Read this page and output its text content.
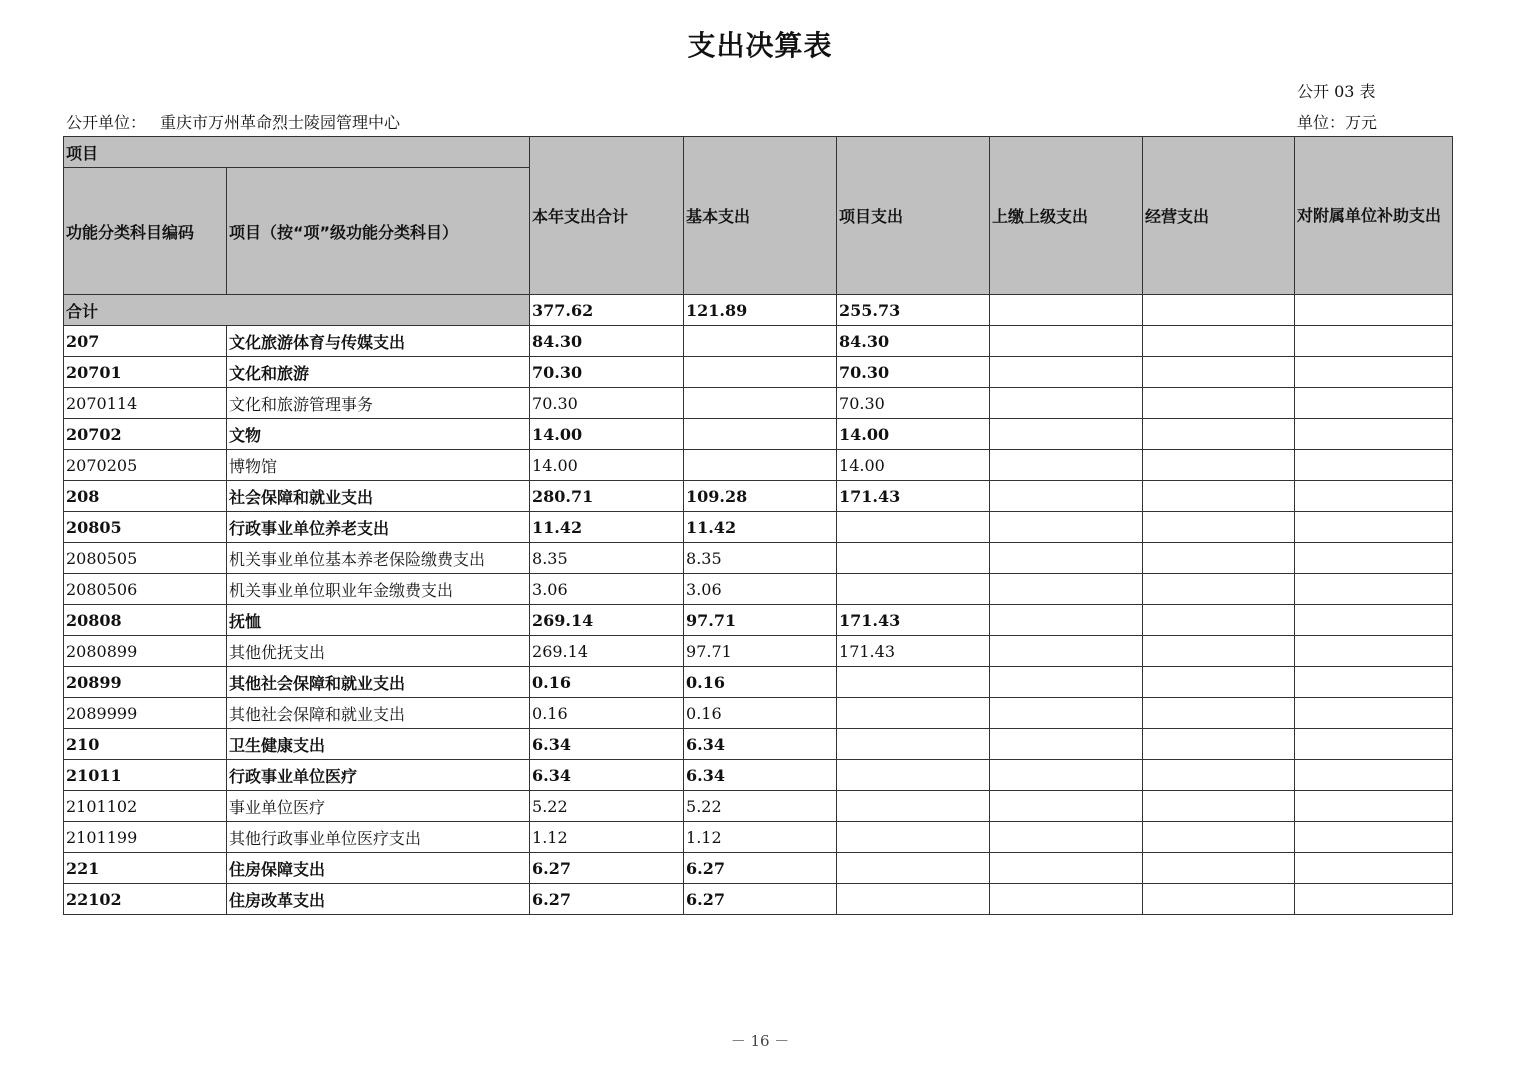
支出决算表
公开 03 表
公开单位： 重庆市万州革命烈士陵园管理中心	单位：万元
项目		本年支出合计	基本支出	项目支出	上缴上级支出	经营支出	对附属单位补助支出
功能分类科目编码	项目（按“项”级功能分类科目）						
合计		377.62	121.89	255.73			
207	文化旅游体育与传媒支出	84.30		84.30			
20701	文化和旅游	70.30		70.30			
2070114	文化和旅游管理事务	70.30		70.30			
20702	文物	14.00		14.00			
2070205	博物馆	14.00		14.00			
208	社会保障和就业支出	280.71	109.28	171.43			
20805	行政事业单位养老支出	11.42	11.42				
2080505	机关事业单位基本养老保险缴费支出	8.35	8.35				
2080506	机关事业单位职业年金缴费支出	3.06	3.06				
20808	抚恤	269.14	97.71	171.43			
2080899	其他优抚支出	269.14	97.71	171.43			
20899	其他社会保障和就业支出	0.16	0.16				
2089999	其他社会保障和就业支出	0.16	0.16				
210	卫生健康支出	6.34	6.34				
21011	行政事业单位医疗	6.34	6.34				
2101102	事业单位医疗	5.22	5.22				
2101199	其他行政事业单位医疗支出	1.12	1.12				
221	住房保障支出	6.27	6.27				
22102	住房改革支出	6.27	6.27				
－ 16 －
